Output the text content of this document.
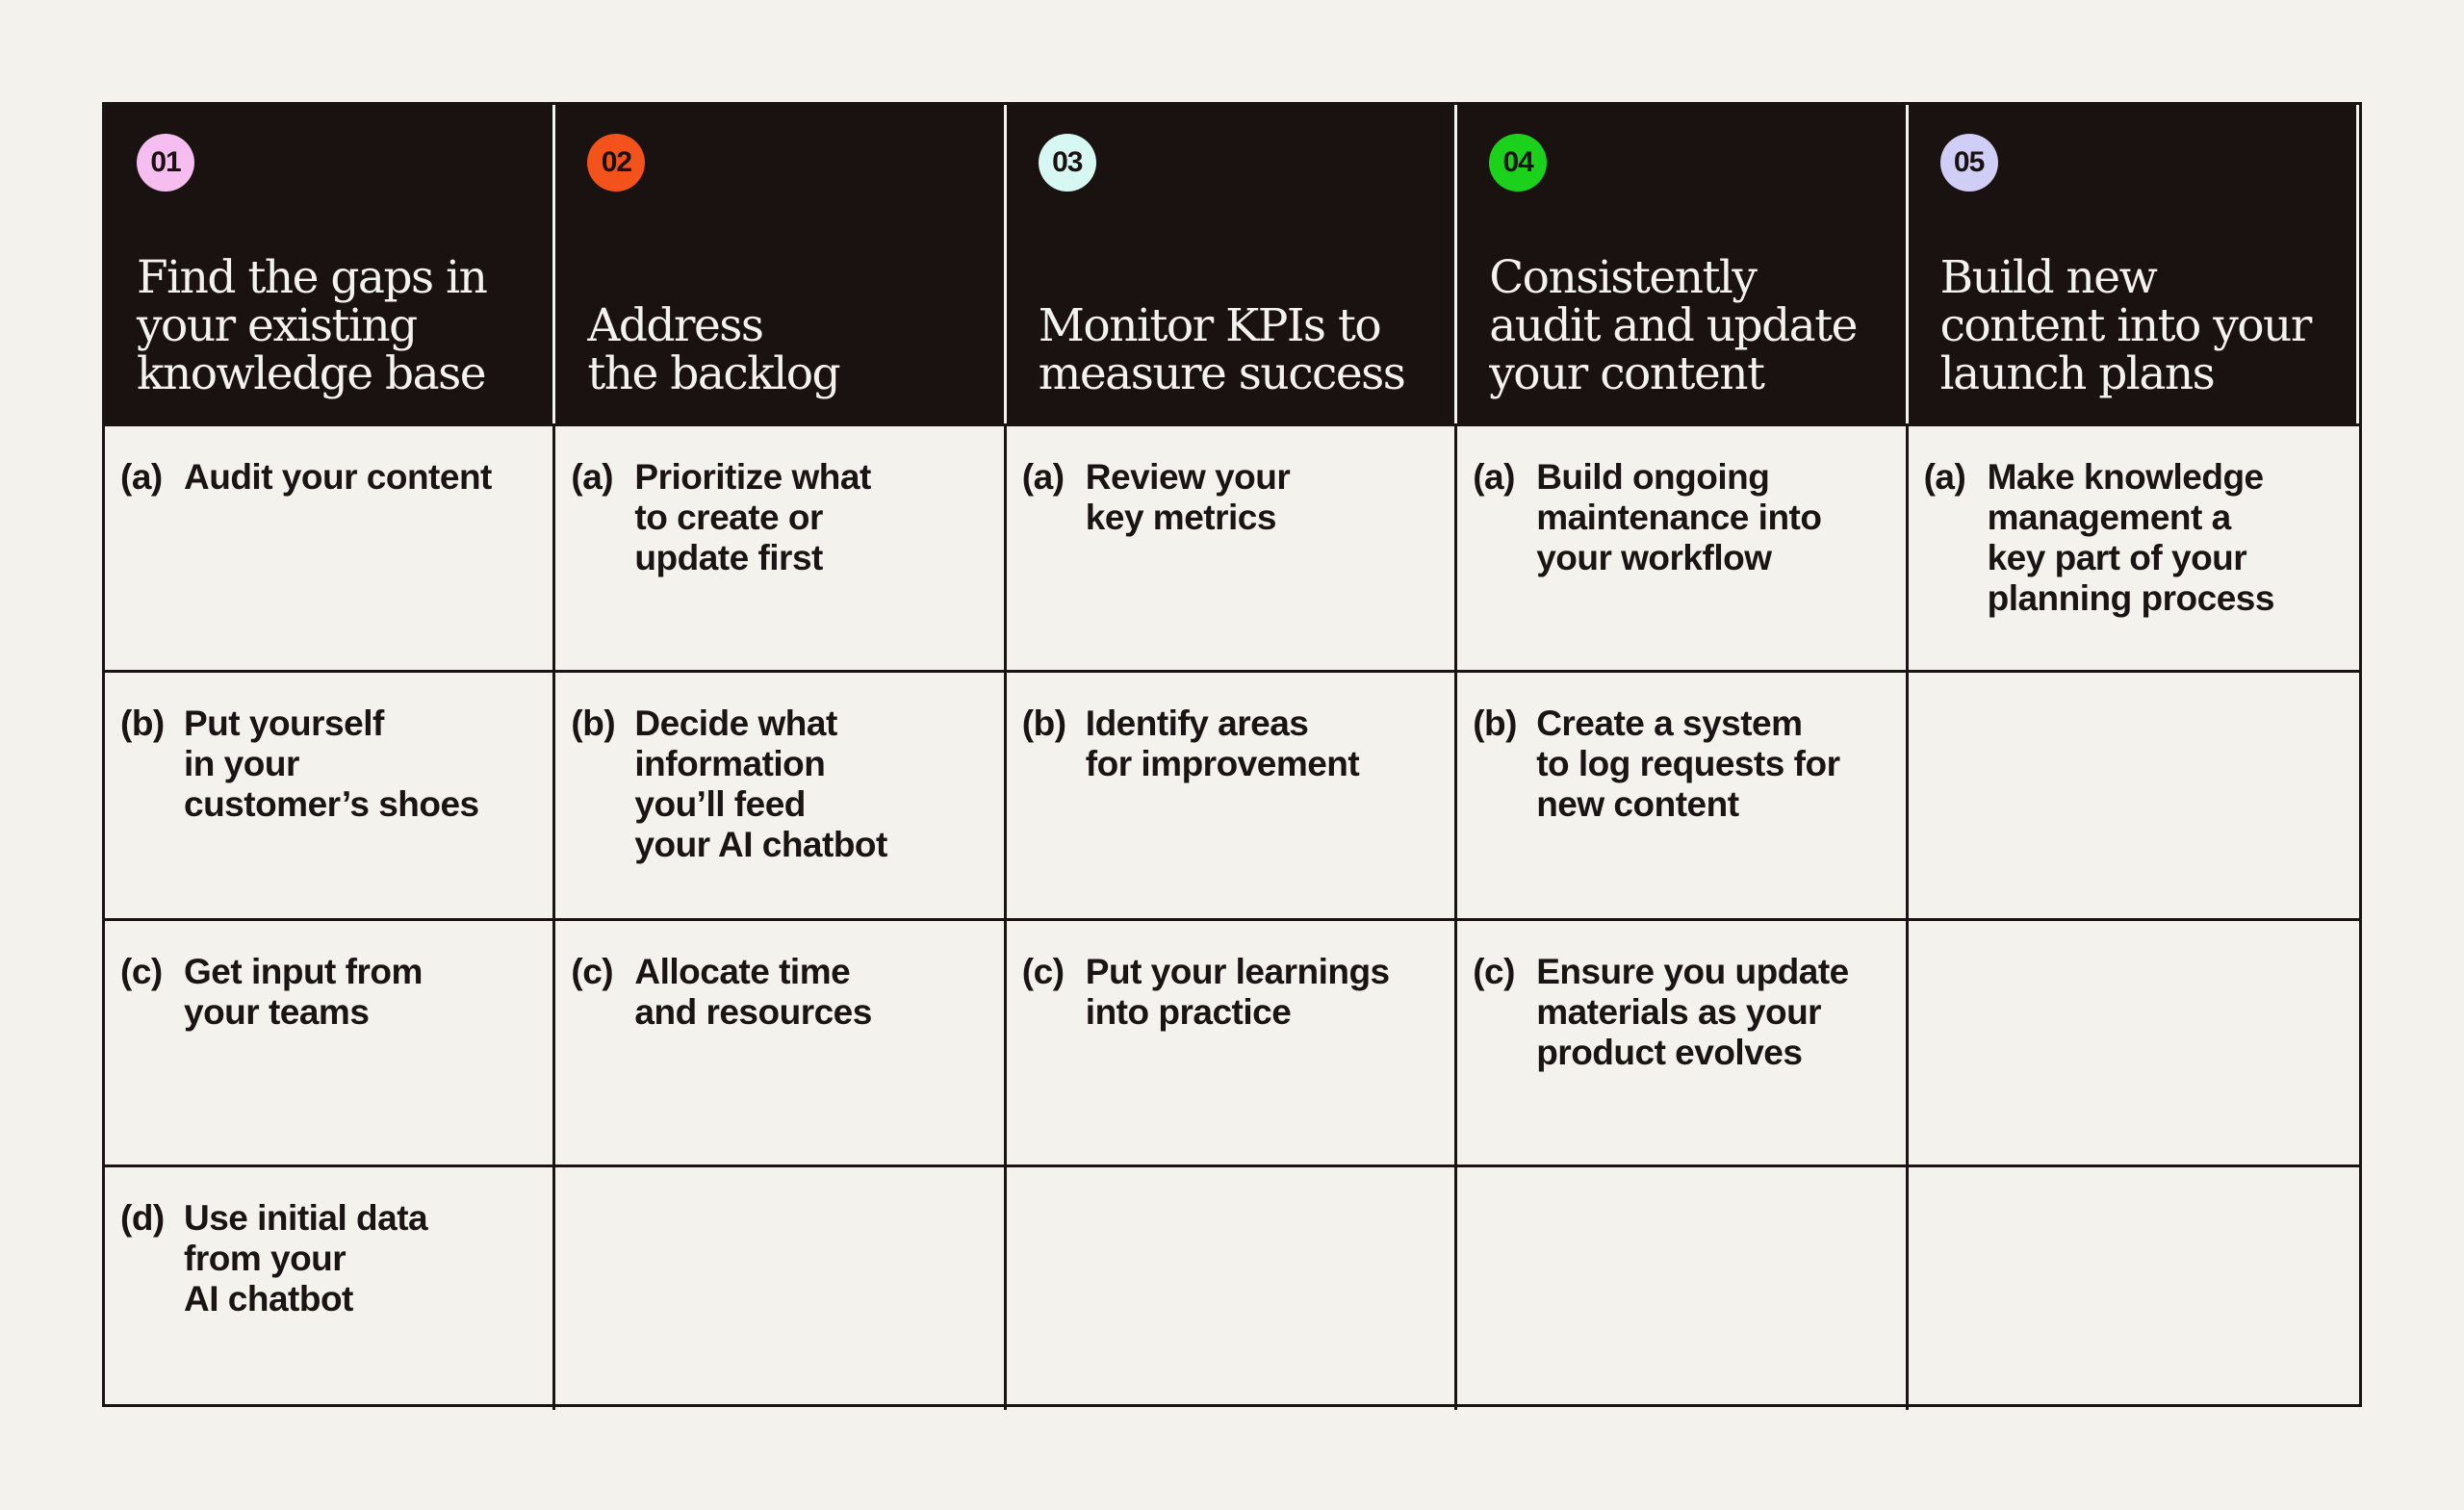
01
Find the gaps in
your existing
knowledge base
02
Address
the backlog
03
Monitor KPIs to
measure success
04
Consistently
audit and update
your content
05
Build new
content into your
launch plans
(a) Audit your content (a) Prioritize what
to create or
update first
(a) Review your
key metrics
(a) Build ongoing
maintenance into
your workflow
(a) Make knowledge
management a
key part of your
planning process
(b) Put yourself
in your
customer’s shoes
(b) Decide what
information
you’ll feed
your AI chatbot
(b) Identify areas
for improvement
(b) Create a system
to log requests for
new content
(c) Get input from
your teams
(c) Allocate time
and resources
(c) Put your learnings
into practice
(c) Ensure you update
materials as your
product evolves
(d) Use initial data
from your
AI chatbot
